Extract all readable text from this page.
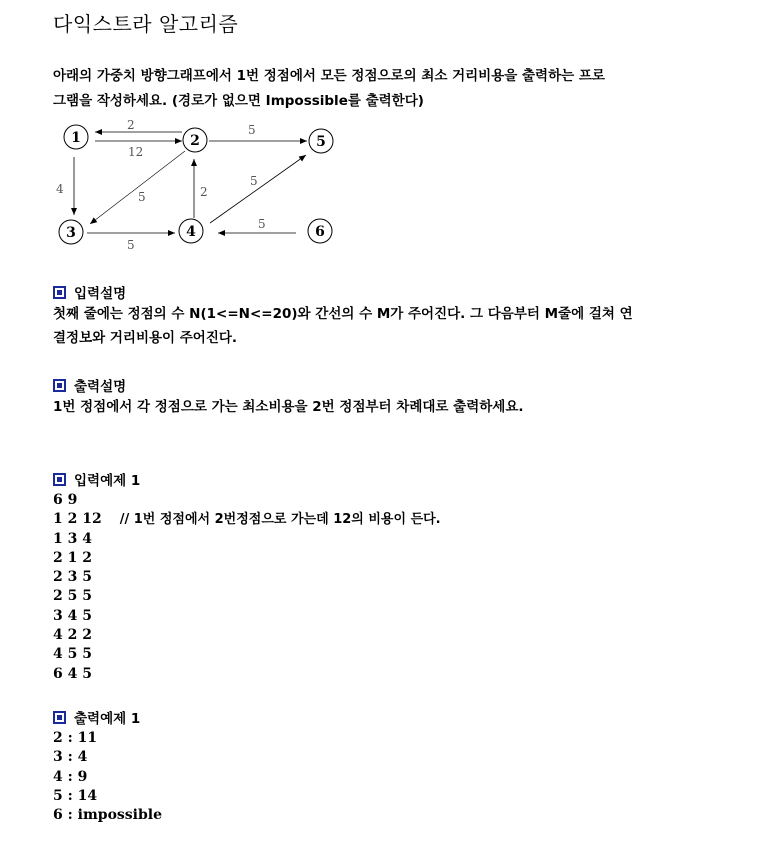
다익스트라 알고리즘

아래의 가중치 방향그래프에서 1번 정점에서 모든 정점으로의 최소 거리비용을 출력하는 프로

그램을 작성하세요. (경로가 없으면 Impossible를 출력한다)

2
12
5
4
5	2
5
5
5
1	2
3	4
5
6
입력설명

첫째 줄에는 정점의 수 N(1<=N<=20)와 간선의 수 M가 주어진다. 그 다음부터 M줄에 걸쳐 연

결정보와 거리비용이 주어진다.

출력설명

1번 정점에서 각 정점으로 가는 최소비용을 2번 정점부터 차례대로 출력하세요.

입력예제 1
6 9
1 2 12 // 1번 정점에서 2번정점으로 가는데 12의 비용이 든다.
1 3 4
2 1 2
2 3 5
2 5 5
3 4 5
4 2 2
4 5 5
6 4 5
출력예제 1
2 : 11
3 : 4
4 : 9
5 : 14
6 : impossible
